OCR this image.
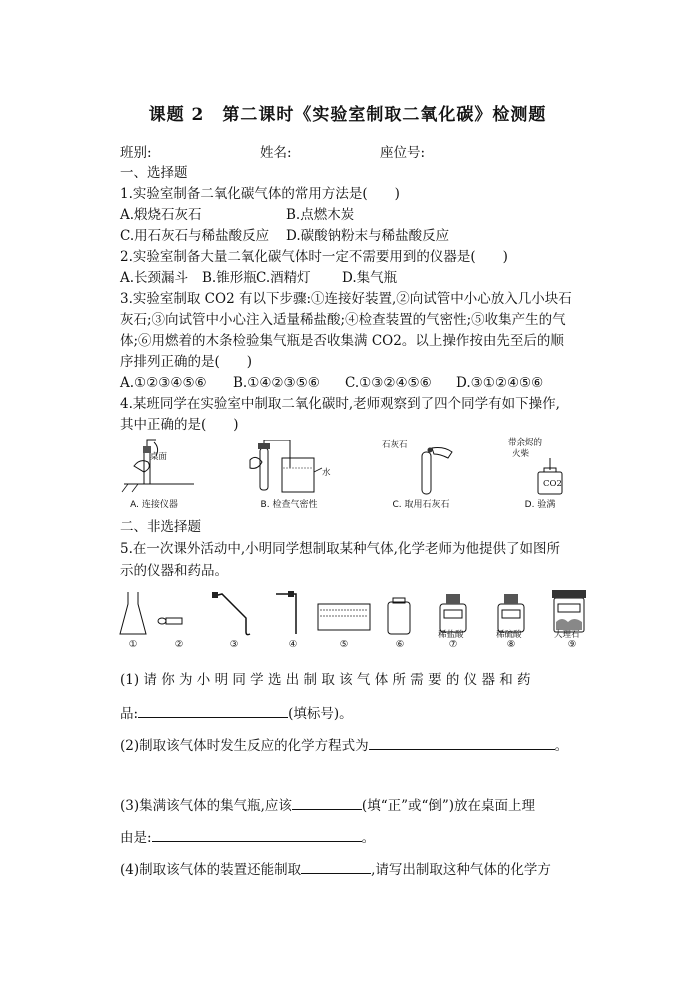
课题 2　第二课时《实验室制取二氧化碳》检测题
班别:	姓名:	座位号:
一、选择题
1.实验室制备二氧化碳气体的常用方法是(　　)
A.煅烧石灰石	B.点燃木炭
C.用石灰石与稀盐酸反应 D.碳酸钠粉末与稀盐酸反应
2.实验室制备大量二氧化碳气体时一定不需要用到的仪器是(　　)
A.长颈漏斗 B.锥形瓶 C.酒精灯 D.集气瓶
3.实验室制取 CO2 有以下步骤:①连接好装置,②向试管中小心放入几小块石
灰石;③向试管中小心注入适量稀盐酸;④检查装置的气密性;⑤收集产生的气
体;⑥用燃着的木条检验集气瓶是否收集满 CO2。以上操作按由先至后的顺
序排列正确的是(　　)
A.①②③④⑤⑥ B.①④②③⑤⑥ C.①③②④⑤⑥ D.③①②④⑤⑥
4.某班同学在实验室中制取二氧化碳时,老师观察到了四个同学有如下操作,
其中正确的是(　　)
桌面
A. 连接仪器
水
B. 检查气密性
石灰石
C. 取用石灰石
带余烬的
火柴
CO2
D. 验满
二、非选择题
5.在一次课外活动中,小明同学想制取某种气体,化学老师为他提供了如图所
示的仪器和药品。
①	②	③	④	⑤	⑥	⑦	⑧	⑨
稀盐酸	稀硫酸	大理石
(1) 请 你 为 小 明 同 学 选 出 制 取 该 气 体 所 需 要 的 仪 器 和 药
品:	(填标号)。
(2)制取该气体时发生反应的化学方程式为	。
(3)集满该气体的集气瓶,应该	(填“正”或“倒”)放在桌面上理
由是:	。
(4)制取该气体的装置还能制取	,请写出制取这种气体的化学方
